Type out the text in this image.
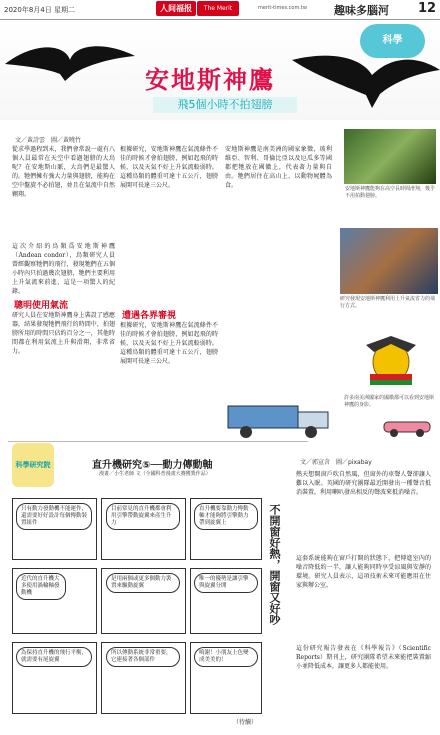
2020年8月4日 星期二	人间福报	The Merit	merit-times.com.tw 趣味多腦河 12
科學
安地斯神鷹
飛5個小時不拍翅膀
文／黃詩雲　圖／黃曉竹
從求學過程到未，我們會常說一處有八個人員最常在天空中看過翅膀的大鳥呢？在安地斯山脈，大鳥們是最驚人的。牠們擁有強大力量與翅膀，能夠在空中盤旋不必拍翅，並且在氣流中自然翱翔。
這次介紹的鳥類爲安地斯神鷹（Andean condor），鳥類研究人員曾經觀察牠們的飛行，發現牠們在五個小時內只拍過幾次翅膀，牠們主要利用上升氣流來前進，這是一項驚人的紀錄。
聰明使用氣流
研究人員在安地斯神鷹身上裝設了感應器，結果發現牠們飛行的時間中，拍翅膀所用的時間只佔約百分之一，其他時間都在利用氣流上升與滑翔，非常省力。
根據研究，安地斯神鷹在氣流條件不佳的時候才會拍翅膀，例如起飛的時候，以及天氣不好上升氣流較弱時。這種鳥類的體重可達十五公斤，翅膀展開可長達三公尺。
遭遇各界審視
根據研究，安地斯神鷹在氣流條件不佳的時候才會拍翅膀，例如起飛的時候，以及天氣不好上升氣流較弱時。這種鳥類的體重可達十五公斤，翅膀展開可長達三公尺。
安地斯神鷹是南美洲的國家象徵，玻利維亞、智利、哥倫比亞以及厄瓜多等國都把牠放在國徽上，代表著力量與自由。牠們居住在高山上，以動物屍體為食。	安地斯神鷹能夠在高空長時間滑翔，幾乎不用拍動翅膀。
研究發現安地斯神鷹利用上升氣流省力的飛行方式。
許多南美洲國家的國徽都可以看到安地斯神鷹的身影。
科學研究院	直升機研究⑤──動力傳動軸
漫畫／小生老師 文（全國科普漫畫大賽獲獎作品）
只有動力發動機不能運作，還需要好好設計每個傳動裝置組件
目前常見的直升機都會利用引擎帶動旋翼來產生升力
直升機要靠動力傳動軸才能夠將引擎動力帶到旋翼上
近代的直升機大多使用渦輪軸發動機
是用兩個或更多個動力裝置來驅動旋翼
唯一的優勢是讓引擎與旋翼分開
為保持直升機的飛行平衡，就需要有尾旋翼
所以傳動系統非常重要，它連接著各個部件
鳴謝！小朋友上色變成美美的！
（待續）
不開窗好熱，開窗又好吵
文／郭宣含　圖／pixabay
熱天想開窗戶吹自然風，但窗外的車聲人聲卻讓人難以入眠。英國的研究團隊最近開發出一種聲音抵消裝置，利用喇叭發出相反的聲波來抵消噪音。
這套系統能夠在窗戶打開的狀態下，把傳進室內的噪音降低約一半，讓人能夠同時享受涼風與安靜的環境。研究人員表示，這項技術未來可能應用在住家與辦公室。
這份研究報告發表在《科學報告》（Scientific Reports）期刊上，研究團隊希望未來能把裝置縮小並降低成本，讓更多人都能使用。
